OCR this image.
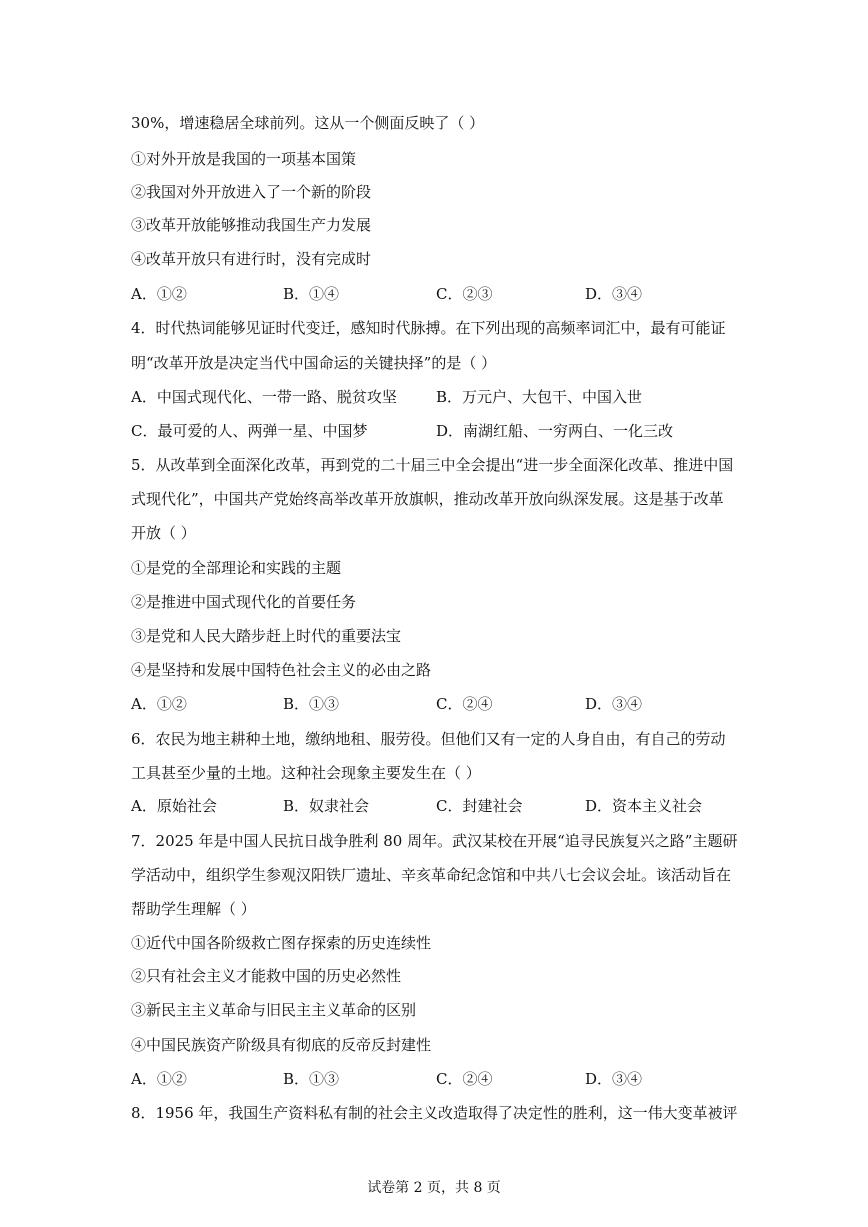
30%，增速稳居全球前列。这从一个侧面反映了（ ）
①对外开放是我国的一项基本国策
②我国对外开放进入了一个新的阶段
③改革开放能够推动我国生产力发展
④改革开放只有进行时，没有完成时
A．①②	B．①④	C．②③	D．③④
4．时代热词能够见证时代变迁，感知时代脉搏。在下列出现的高频率词汇中，最有可能证
明“改革开放是决定当代中国命运的关键抉择”的是（ ）
A．中国式现代化、一带一路、脱贫攻坚	B．万元户、大包干、中国入世
C．最可爱的人、两弹一星、中国梦	D．南湖红船、一穷两白、一化三改
5．从改革到全面深化改革，再到党的二十届三中全会提出“进一步全面深化改革、推进中国
式现代化”，中国共产党始终高举改革开放旗帜，推动改革开放向纵深发展。这是基于改革
开放（ ）
①是党的全部理论和实践的主题
②是推进中国式现代化的首要任务
③是党和人民大踏步赶上时代的重要法宝
④是坚持和发展中国特色社会主义的必由之路
A．①②	B．①③	C．②④	D．③④
6．农民为地主耕种土地，缴纳地租、服劳役。但他们又有一定的人身自由，有自己的劳动
工具甚至少量的土地。这种社会现象主要发生在（ ）
A．原始社会	B．奴隶社会	C．封建社会	D．资本主义社会
7．2025 年是中国人民抗日战争胜利 80 周年。武汉某校在开展“追寻民族复兴之路”主题研
学活动中，组织学生参观汉阳铁厂遗址、辛亥革命纪念馆和中共八七会议会址。该活动旨在
帮助学生理解（ ）
①近代中国各阶级救亡图存探索的历史连续性
②只有社会主义才能救中国的历史必然性
③新民主主义革命与旧民主主义革命的区别
④中国民族资产阶级具有彻底的反帝反封建性
A．①②	B．①③	C．②④	D．③④
8．1956 年，我国生产资料私有制的社会主义改造取得了决定性的胜利，这一伟大变革被评
试卷第 2 页，共 8 页
